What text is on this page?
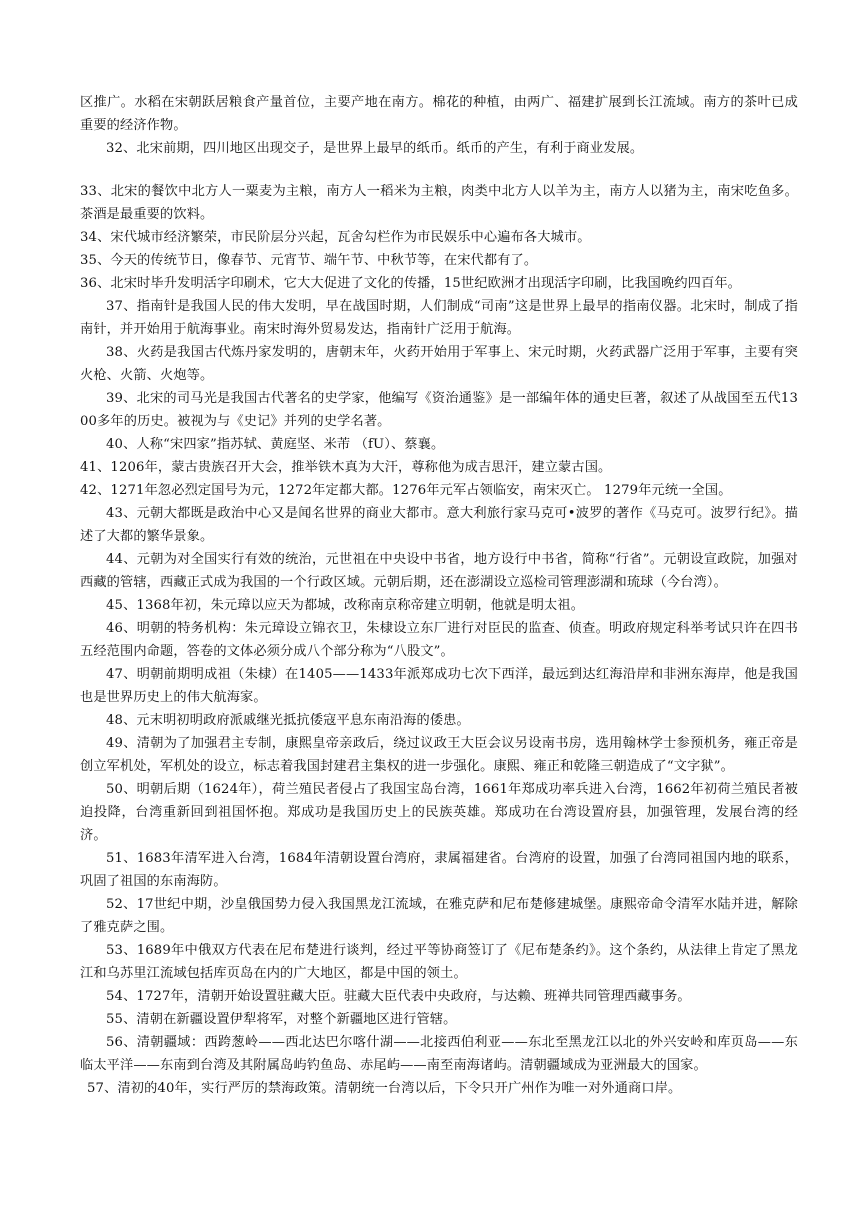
区推广。水稻在宋朝跃居粮食产量首位，主要产地在南方。棉花的种植，由两广、福建扩展到长江流域。南方的茶叶已成重要的经济作物。

32、北宋前期，四川地区出现交子，是世界上最早的纸币。纸币的产生，有利于商业发展。

33、北宋的餐饮中北方人一粟麦为主粮，南方人一稻米为主粮，肉类中北方人以羊为主，南方人以猪为主，南宋吃鱼多。茶酒是最重要的饮料。

34、宋代城市经济繁荣，市民阶层分兴起，瓦舍勾栏作为市民娱乐中心遍布各大城市。

35、今天的传统节日，像春节、元宵节、端午节、中秋节等，在宋代都有了。

36、北宋时毕升发明活字印刷术，它大大促进了文化的传播，15世纪欧洲才出现活字印刷，比我国晚约四百年。

37、指南针是我国人民的伟大发明，早在战国时期，人们制成“司南”这是世界上最早的指南仪器。北宋时，制成了指南针，并开始用于航海事业。南宋时海外贸易发达，指南针广泛用于航海。

38、火药是我国古代炼丹家发明的，唐朝末年，火药开始用于军事上、宋元时期，火药武器广泛用于军事，主要有突火枪、火箭、火炮等。

39、北宋的司马光是我国古代著名的史学家，他编写《资治通鉴》是一部编年体的通史巨著，叙述了从战国至五代1300多年的历史。被视为与《史记》并列的史学名著。

40、人称“宋四家”指苏轼、黄庭坚、米芾 （fU）、蔡襄。

41、1206年，蒙古贵族召开大会，推举铁木真为大汗，尊称他为成吉思汗，建立蒙古国。

42、1271年忽必烈定国号为元，1272年定都大都。1276年元军占领临安，南宋灭亡。 1279年元统一全国。

43、元朝大都既是政治中心又是闻名世界的商业大都市。意大利旅行家马克可•波罗的著作《马克可。波罗行纪》。描述了大都的繁华景象。

44、元朝为对全国实行有效的统治，元世祖在中央设中书省，地方设行中书省，简称“行省”。元朝设宣政院，加强对西藏的管辖，西藏正式成为我国的一个行政区域。元朝后期，还在澎湖设立巡检司管理澎湖和琉球（今台湾）。

45、1368年初，朱元璋以应天为都城，改称南京称帝建立明朝，他就是明太祖。

46、明朝的特务机构：朱元璋设立锦衣卫，朱棣设立东厂进行对臣民的监查、侦查。明政府规定科举考试只许在四书五经范围内命题，答卷的文体必须分成八个部分称为“八股文”。

47、明朝前期明成祖（朱棣）在1405——1433年派郑成功七次下西洋，最远到达红海沿岸和非洲东海岸，他是我国也是世界历史上的伟大航海家。

48、元末明初明政府派戚继光抵抗倭寇平息东南沿海的倭患。

49、清朝为了加强君主专制，康熙皇帝亲政后，绕过议政王大臣会议另设南书房，选用翰林学士参预机务，雍正帝是创立军机处，军机处的设立，标志着我国封建君主集权的进一步强化。康熙、雍正和乾隆三朝造成了“文字狱”。

50、明朝后期（1624年），荷兰殖民者侵占了我国宝岛台湾，1661年郑成功率兵进入台湾，1662年初荷兰殖民者被迫投降，台湾重新回到祖国怀抱。郑成功是我国历史上的民族英雄。郑成功在台湾设置府县，加强管理，发展台湾的经济。

51、1683年清军进入台湾，1684年清朝设置台湾府，隶属福建省。台湾府的设置，加强了台湾同祖国内地的联系，巩固了祖国的东南海防。

52、17世纪中期，沙皇俄国势力侵入我国黑龙江流域，在雅克萨和尼布楚修建城堡。康熙帝命令清军水陆并进，解除了雅克萨之围。

53、1689年中俄双方代表在尼布楚进行谈判，经过平等协商签订了《尼布楚条约》。这个条约，从法律上肯定了黑龙江和乌苏里江流域包括库页岛在内的广大地区，都是中国的领土。

54、1727年，清朝开始设置驻藏大臣。驻藏大臣代表中央政府，与达赖、班禅共同管理西藏事务。

55、清朝在新疆设置伊犁将军，对整个新疆地区进行管辖。

56、清朝疆域：西跨葱岭——西北达巴尔喀什湖——北接西伯利亚——东北至黑龙江以北的外兴安岭和库页岛——东临太平洋——东南到台湾及其附属岛屿钓鱼岛、赤尾屿——南至南海诸屿。清朝疆域成为亚洲最大的国家。

57、清初的40年，实行严厉的禁海政策。清朝统一台湾以后，下令只开广州作为唯一对外通商口岸。
